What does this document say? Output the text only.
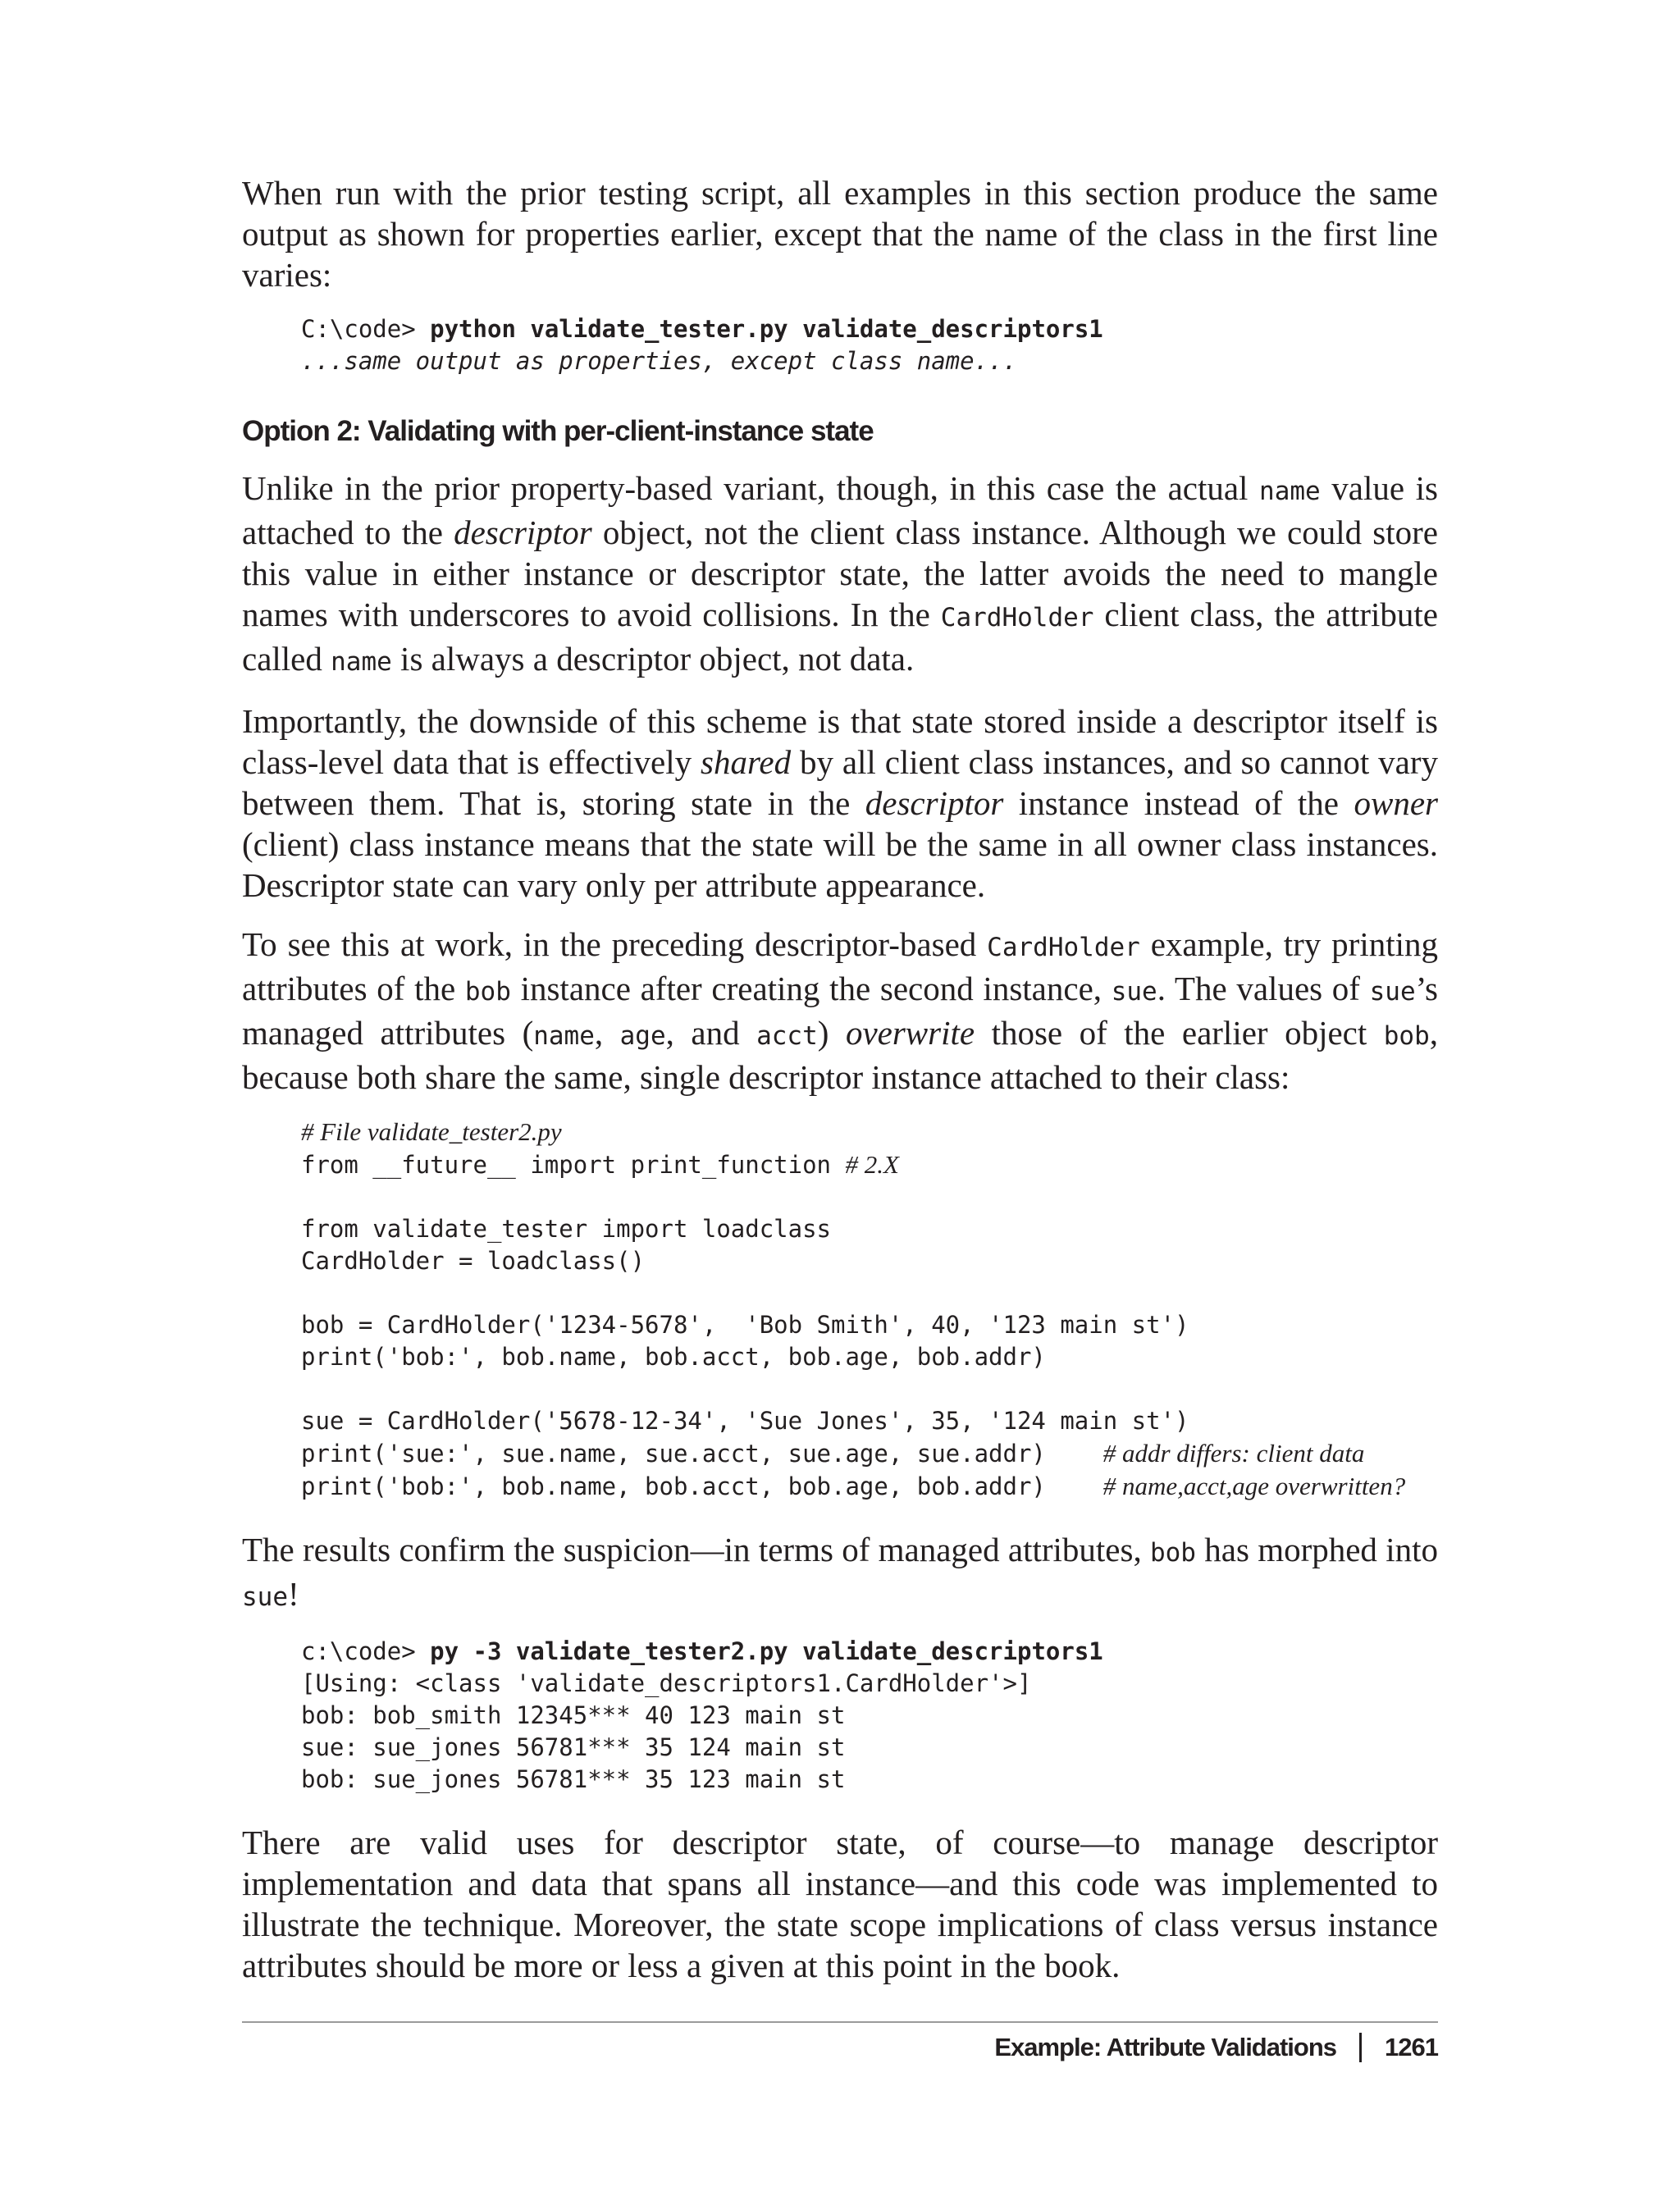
When run with the prior testing script, all examples in this section produce the same output as shown for properties earlier, except that the name of the class in the first line varies:

C:\code> python validate_tester.py validate_descriptors1
...same output as properties, except class name...
Option 2: Validating with per-client-instance state

Unlike in the prior property-based variant, though, in this case the actual name value is attached to the descriptor object, not the client class instance. Although we could store this value in either instance or descriptor state, the latter avoids the need to mangle names with underscores to avoid collisions. In the CardHolder client class, the attribute called name is always a descriptor object, not data.

Importantly, the downside of this scheme is that state stored inside a descriptor itself is class-level data that is effectively shared by all client class instances, and so cannot vary between them. That is, storing state in the descriptor instance instead of the owner (client) class instance means that the state will be the same in all owner class instances. Descriptor state can vary only per attribute appearance.

To see this at work, in the preceding descriptor-based CardHolder example, try printing attributes of the bob instance after creating the second instance, sue. The values of sue’s managed attributes (name, age, and acct) overwrite those of the earlier object bob, because both share the same, single descriptor instance attached to their class:

# File validate_tester2.py
from __future__ import print_function # 2.X

from validate_tester import loadclass
CardHolder = loadclass()

bob = CardHolder('1234-5678',  'Bob Smith', 40, '123 main st')
print('bob:', bob.name, bob.acct, bob.age, bob.addr)

sue = CardHolder('5678-12-34', 'Sue Jones', 35, '124 main st')
print('sue:', sue.name, sue.acct, sue.age, sue.addr)    # addr differs: client data
print('bob:', bob.name, bob.acct, bob.age, bob.addr)    # name,acct,age overwritten?

The results confirm the suspicion—in terms of managed attributes, bob has morphed into sue!

c:\code> py -3 validate_tester2.py validate_descriptors1
[Using: <class 'validate_descriptors1.CardHolder'>]
bob: bob_smith 12345*** 40 123 main st
sue: sue_jones 56781*** 35 124 main st
bob: sue_jones 56781*** 35 123 main st

There are valid uses for descriptor state, of course—to manage descriptor implementation and data that spans all instance—and this code was implemented to illustrate the technique. Moreover, the state scope implications of class versus instance attributes should be more or less a given at this point in the book.

Example: Attribute Validations 1261
